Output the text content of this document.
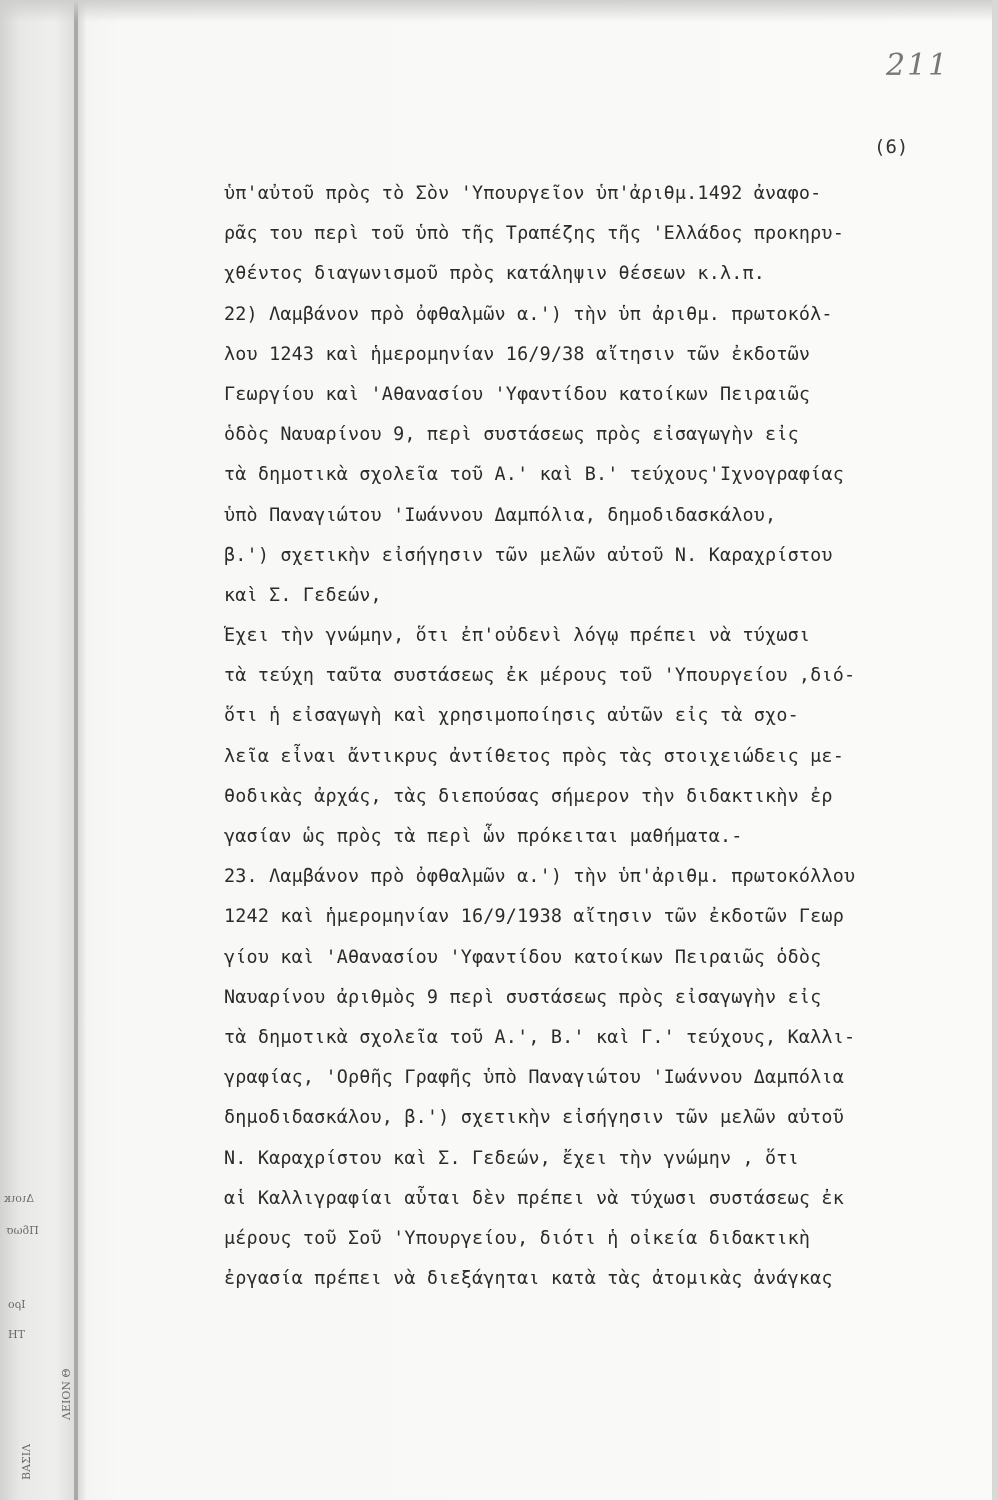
Διοικ
Πδωσ
Ιρο
ΤΗ
ΒΑΣΙΛ
ΛΕΙΟΝ Θ
211
(6)
ὑπ'αὐτοῦ πρὸς τὸ Σὸν 'Υπουργεῖον ὑπ'ἀριθμ.1492 ἀναφο-
ρᾶς του περὶ τοῦ ὑπὸ τῆς Τραπέζης τῆς 'Ελλάδος προκηρυ-
χθέντος διαγωνισμοῦ πρὸς κατάληψιν θέσεων κ.λ.π.
22) Λαμβάνον πρὸ ὀφθαλμῶν α.') τὴν ὑπ ἀριθμ. πρωτοκόλ-
λου 1243 καὶ ἡμερομηνίαν 16/9/38 αἴτησιν τῶν ἐκδοτῶν
Γεωργίου καὶ 'Αθανασίου 'Υφαντίδου κατοίκων Πειραιῶς
ὁδὸς Ναυαρίνου 9, περὶ συστάσεως πρὸς εἰσαγωγὴν εἰς
τὰ δημοτικὰ σχολεῖα τοῦ Α.' καὶ Β.' τεύχους'Ιχνογραφίας
ὑπὸ Παναγιώτου 'Ιωάννου Δαμπόλια, δημοδιδασκάλου,
β.') σχετικὴν εἰσήγησιν τῶν μελῶν αὐτοῦ Ν. Καραχρίστου
καὶ Σ. Γεδεών,
Ἔχει τὴν γνώμην, ὅτι ἐπ'οὐδενὶ λόγῳ πρέπει νὰ τύχωσι
τὰ τεύχη ταῦτα συστάσεως ἐκ μέρους τοῦ 'Υπουργείου ,διό-
ὅτι ἡ εἰσαγωγὴ καὶ χρησιμοποίησις αὐτῶν εἰς τὰ σχο-
λεῖα εἶναι ἄντικρυς ἀντίθετος πρὸς τὰς στοιχειώδεις με-
θοδικὰς ἀρχάς, τὰς διεπούσας σήμερον τὴν διδακτικὴν ἐρ
γασίαν ὡς πρὸς τὰ περὶ ὧν πρόκειται μαθήματα.-
23. Λαμβάνον πρὸ ὀφθαλμῶν α.') τὴν ὑπ'ἀριθμ. πρωτοκόλλου
1242 καὶ ἡμερομηνίαν 16/9/1938 αἴτησιν τῶν ἐκδοτῶν Γεωρ
γίου καὶ 'Αθανασίου 'Υφαντίδου κατοίκων Πειραιῶς ὁδὸς
Ναυαρίνου ἀριθμὸς 9 περὶ συστάσεως πρὸς εἰσαγωγὴν εἰς
τὰ δημοτικὰ σχολεῖα τοῦ Α.', Β.' καὶ Γ.' τεύχους, Καλλι-
γραφίας, 'Ορθῆς Γραφῆς ὑπὸ Παναγιώτου 'Ιωάννου Δαμπόλια
δημοδιδασκάλου, β.') σχετικὴν εἰσήγησιν τῶν μελῶν αὐτοῦ
Ν. Καραχρίστου καὶ Σ. Γεδεών, ἔχει τὴν γνώμην , ὅτι
αἱ Καλλιγραφίαι αὗται δὲν πρέπει νὰ τύχωσι συστάσεως ἐκ
μέρους τοῦ Σοῦ 'Υπουργείου, διότι ἡ οἰκεία διδακτικὴ
ἐργασία πρέπει νὰ διεξάγηται κατὰ τὰς ἀτομικὰς ἀνάγκας
